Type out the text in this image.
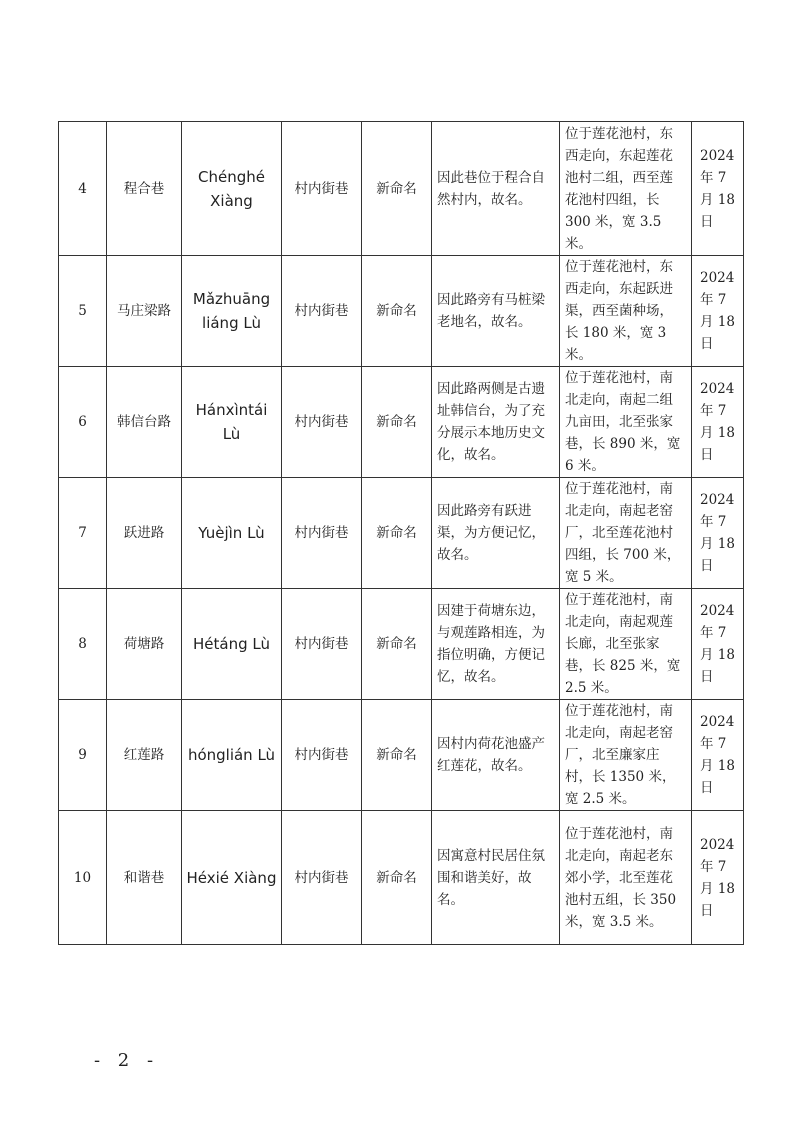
4	程合巷	Chénghé Xiàng	村内街巷	新命名	因此巷位于程合自然村内，故名。	位于莲花池村，东西走向，东起莲花池村二组，西至莲花池村四组，长 300 米，宽 3.5 米。	2024 年 7 月 18 日
5	马庄梁路	Mǎzhuāng liáng Lù	村内街巷	新命名	因此路旁有马桩梁老地名，故名。	位于莲花池村，东西走向，东起跃进渠，西至菌种场，长 180 米，宽 3 米。	2024 年 7 月 18 日
6	韩信台路	Hánxìntái Lù	村内街巷	新命名	因此路两侧是古遗址韩信台，为了充分展示本地历史文化，故名。	位于莲花池村，南北走向，南起二组九亩田，北至张家巷，长 890 米，宽 6 米。	2024 年 7 月 18 日
7	跃进路	Yuèjìn Lù	村内街巷	新命名	因此路旁有跃进渠，为方便记忆，故名。	位于莲花池村，南北走向，南起老窑厂，北至莲花池村四组，长 700 米，宽 5 米。	2024 年 7 月 18 日
8	荷塘路	Hétáng Lù	村内街巷	新命名	因建于荷塘东边，与观莲路相连，为指位明确，方便记忆，故名。	位于莲花池村，南北走向，南起观莲长廊，北至张家巷，长 825 米，宽 2.5 米。	2024 年 7 月 18 日
9	红莲路	hónglián Lù	村内街巷	新命名	因村内荷花池盛产红莲花，故名。	位于莲花池村，南北走向，南起老窑厂，北至廉家庄村，长 1350 米，宽 2.5 米。	2024 年 7 月 18 日
10	和谐巷	Héxié Xiàng	村内街巷	新命名	因寓意村民居住氛围和谐美好，故名。	位于莲花池村，南北走向，南起老东郊小学，北至莲花池村五组，长 350 米，宽 3.5 米。	2024 年 7 月 18 日
- 2 -
